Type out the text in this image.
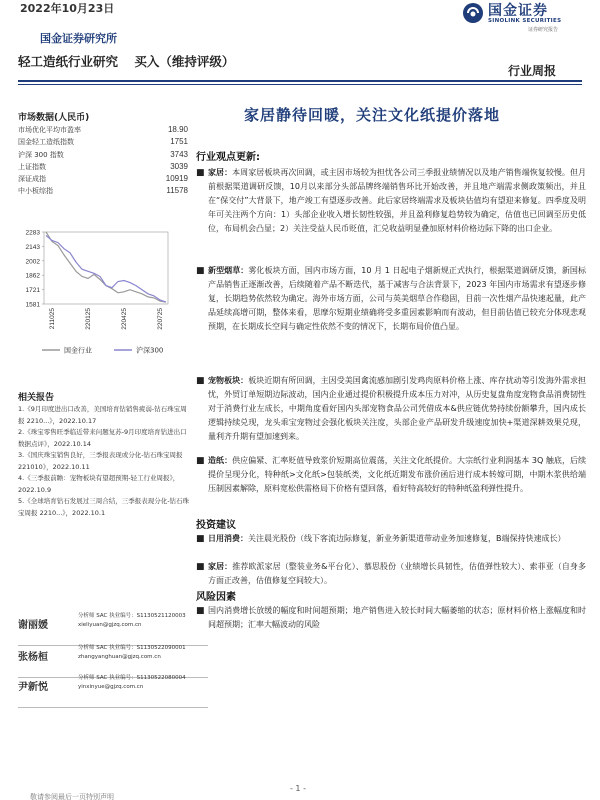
2022年10月23日	国金证券
SINOLINK SECURITIES
证券研究报告
国金证券研究所
轻工造纸行业研究 买入（维持评级）
行业周报
市场数据(人民币)
市场优化平均市盈率	18.90
国金轻工造纸指数	1751
沪深 300 指数	3743
上证指数	3039
深证成指	10919
中小板综指	11578
1581
1721
1862
2002
2143
2283
211025	220125	220425	220725
国金行业	沪深300
相关报告
1.《9月印度进出口改善，美国培育钻销售疲弱-钻石珠宝周报 2210...》，2022.10.17
2.《珠宝零售旺季临近带来问题复苏-9月印度培育钻进出口数据点评》，2022.10.14
3.《国庆珠宝销售良好，三季报表现或分化-钻石珠宝周报 221010》，2022.10.11
4.《三季报前瞻：宠物板块有望超预期-轻工行业周报》，2022.10.9
5.《全球培育钻石发展过三周合结，三季报表现分化-钻石珠宝周报 2210...》，2022.10.1
谢丽媛
分析师 SAC 执业编号：S1130521120003
xieliyuan@gjzq.com.cn
张杨桓
分析师 SAC 执业编号：S1130522090001
zhangyanghuan@gjzq.com.cn
尹新悦
分析师 SAC 执业编号：S1130522080004
yinxinyue@gjzq.com.cn
家居静待回暖，关注文化纸提价落地
行业观点更新:
■ 家居：本周家居板块再次回调，或主因市场较为担忧各公司三季报业绩情况以及地产销售端恢复较慢。但月前根据渠道调研反馈，10月以来部分头部品牌终端销售环比开始改善，并且地产端需求侧政策频出，并且在“保交付”大背景下，地产竣工有望逐步改善。此后家居终端需求及板块估值均有望迎来修复。四季度及明年可关注两个方向：1）头部企业收入增长韧性较强，并且盈利修复趋势较为确定，估值也已回调至历史低位，布局机会凸显；2）关注受益人民币贬值，汇兑收益明显叠加原材料价格边际下降的出口企业。
■ 新型烟草：雾化板块方面，国内市场方面，10 月 1 日起电子烟新规正式执行，根据渠道调研反馈，新国标产品销售正逐渐改善，后续随着产品不断迭代，基于减害与合法背景下，2023 年国内市场需求有望逐步修复，长期趋势依然较为确定。海外市场方面，公司与英美烟草合作稳固，目前一次性烟产品快速起量，此产品延续高增可期，整体来看，思摩尔短期业绩确将受多重因素影响而有波动，但目前估值已较充分体现悲观预期，在长期成长空间与确定性依然不变的情况下，长期布局价值凸显。
■ 宠物板块：板块近期有所回调，主因受美国禽流感加剧引发鸡肉原料价格上涨、库存扰动等引发海外需求担忧，外贸订单短期边际波动，国内企业通过提价积极提升成本压力对冲，从历史复盘角度宠物食品消费韧性对于消费行业左成长，中期角度看好国内头部宠物食品公司凭借成本&供应链优势持续份额攀升，国内成长逻辑持续兑现，龙头乖宝宠物过会强化板块关注度，头部企业产品研发升级速度加快+渠道深耕效果兑现，量利齐升期有望加速到来。
■ 造纸：供应偏紧、汇率贬值导致浆价短期高位震荡，关注文化纸提价。大宗纸行业利润基本 3Q 触底，后续提价呈现分化，特种纸>文化纸>包装纸类，文化纸近期发布涨价函后进行成本转嫁可期，中期木浆供给端压制因素解除，原料宽松供需格局下价格有望回落，看好特高较好的特种纸盈利弹性提升。
投资建议
■ 日用消费：关注晨光股份（线下客流边际修复，新业务新渠道带动业务加速修复，B端保持快速成长）
■ 家居：推荐欧派家居（整装业务&平台化）、慕思股份（业绩增长具韧性，估值弹性较大）、索菲亚（自身多方面正改善，估值修复空间较大）。
风险因素
■ 国内消费增长放缓的幅度和时间超预期；地产销售进入较长时间大幅萎缩的状态；原材料价格上涨幅度和时间超预期；汇率大幅波动的风险
- 1 -
敬请参阅最后一页特别声明
